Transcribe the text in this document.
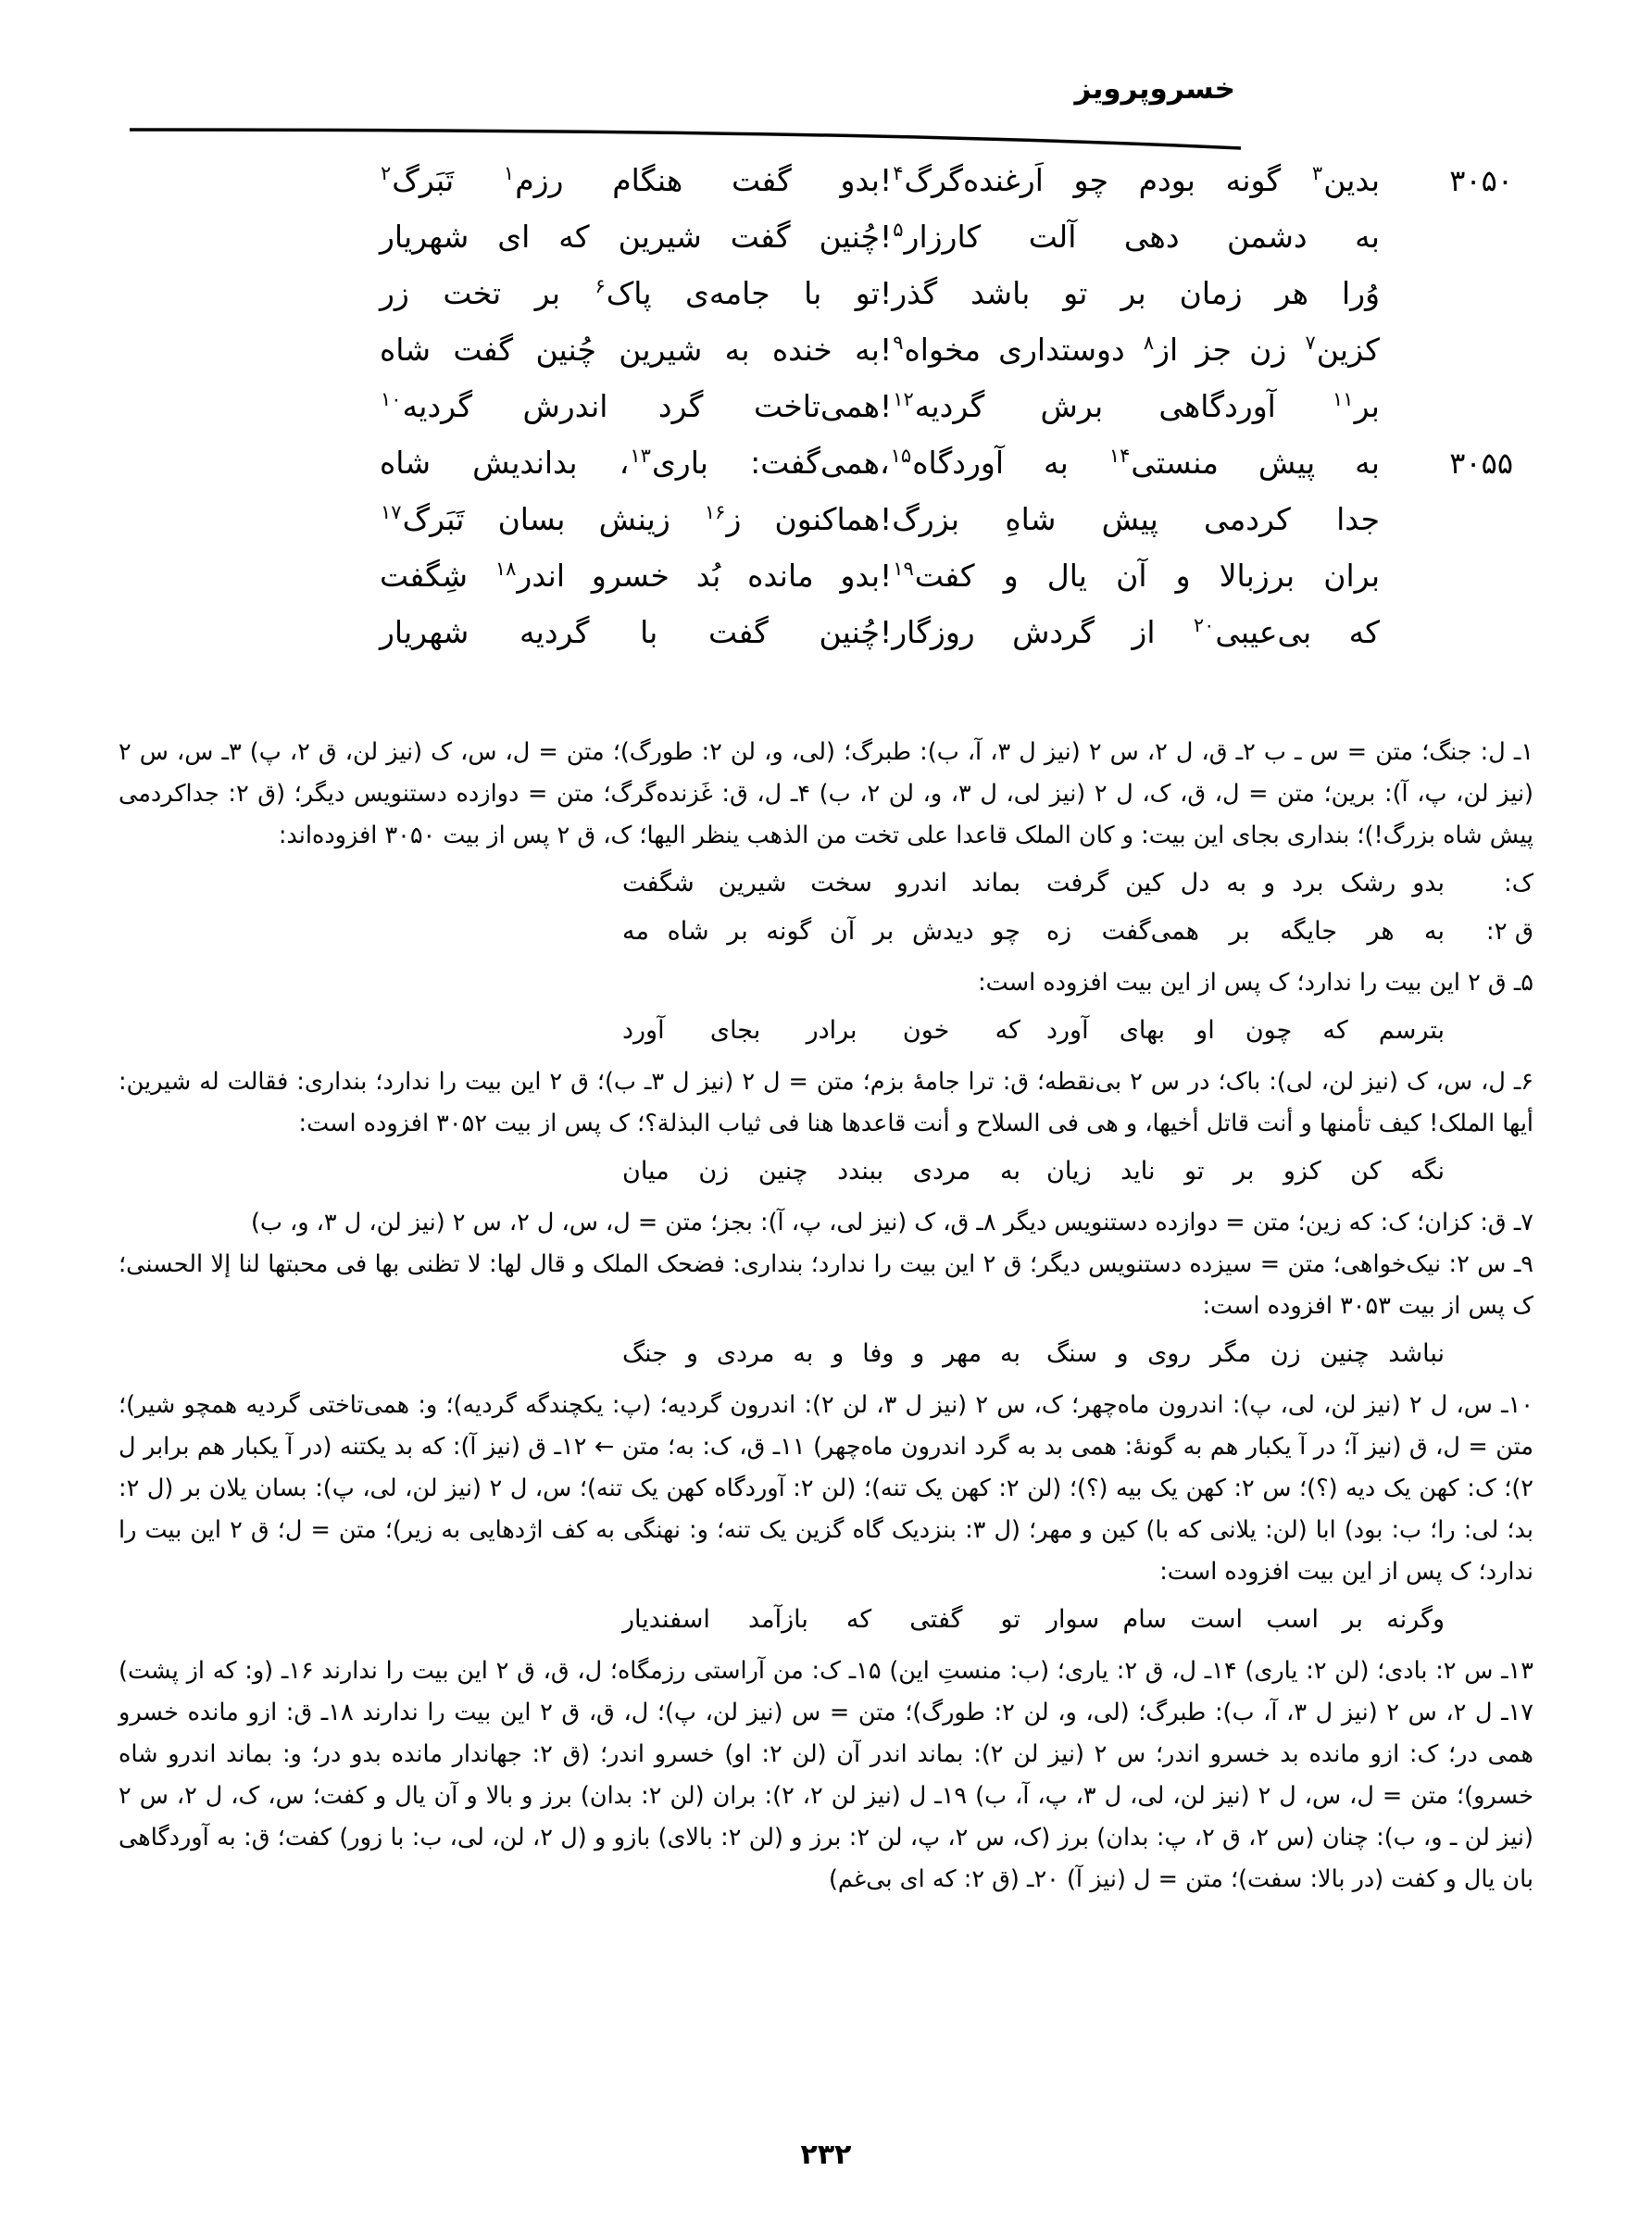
خسروپرویز
۳۰۵۰
بدین$^۳$ گونه بودم چو اَرغنده‌گرگ$^۴$!
بدو گفت هنگام رزم$^۱$ تَبَرگ$^۲$
به دشمن دهی آلت کارزار$^۵$!
چُنین گفت شیرین که ای شهریار
وُرا هر زمان بر تو باشد گذر!
تو با جامه‌ی پاک$^۶$ بر تخت زر
کزین$^۷$ زن جز از$^۸$ دوستداری مخواه$^۹$!
به خنده به شیرین چُنین گفت شاه
بر$^{۱۱}$ آوردگاهی برش گردیه$^{۱۲}$!
همی‌تاخت گرد اندرش گردیه$^{۱۰}$
۳۰۵۵
به پیش منستی$^{۱۴}$ به آوردگاه$^{۱۵}$،
همی‌گفت: باری$^{۱۳}$، بداندیش شاه
جدا کردمی پیش شاهِ بزرگ!
هماکنون ز$^{۱۶}$ زینش بسان تَبَرگ$^{۱۷}$
بران برزبالا و آن یال و کفت$^{۱۹}$!
بدو مانده بُد خسرو اندر$^{۱۸}$ شِگفت
که بی‌عیبی$^{۲۰}$ از گردش روزگار!
چُنین گفت با گردیه شهریار

۱ـ ل: جنگ؛ متن = س ـ ب ۲ـ ق، ل ۲، س ۲ (نیز ل ۳، آ، ب): طبرگ؛ (لی، و، لن ۲: طورگ)؛ متن = ل، س، ک (نیز لن، ق ۲، پ) ۳ـ س، س ۲ (نیز لن، پ، آ): برین؛ متن = ل، ق، ک، ل ۲ (نیز لی، ل ۳، و، لن ۲، ب) ۴ـ ل، ق: غَزنده‌گرگ؛ متن = دوازده دستنویس دیگر؛ (ق ۲: جداکردمی پیش شاه بزرگ!)؛ بنداری بجای این بیت: و کان الملک قاعدا علی تخت من الذهب ینظر الیها؛ ک، ق ۲ پس از بیت ۳۰۵۰ افزوده‌اند:

ک:
بدو رشک برد و به دل کین گرفت
بماند اندرو سخت شیرین شگفت
ق ۲:
به هر جایگه بر همی‌گفت زه
چو دیدش بر آن گونه بر شاه مه

۵ـ ق ۲ این بیت را ندارد؛ ک پس از این بیت افزوده است:

بترسم که چون او بهای آورد
که خون برادر بجای آورد

۶ـ ل، س، ک (نیز لن، لی): باک؛ در س ۲ بی‌نقطه؛ ق: ترا جامهٔ بزم؛ متن = ل ۲ (نیز ل ۳ـ ب)؛ ق ۲ این بیت را ندارد؛ بنداری: فقالت له شیرین: أیها الملک! کیف تأمنها و أنت قاتل أخیها، و هی فی السلاح و أنت قاعدها هنا فی ثیاب البذلة؟؛ ک پس از بیت ۳۰۵۲ افزوده است:

نگه کن کزو بر تو ناید زیان
به مردی ببندد چنین زن میان

۷ـ ق: کزان؛ ک: که زین؛ متن = دوازده دستنویس دیگر ۸ـ ق، ک (نیز لی، پ، آ): بجز؛ متن = ل، س، ل ۲، س ۲ (نیز لن، ل ۳، و، ب)

۹ـ س ۲: نیک‌خواهی؛ متن = سیزده دستنویس دیگر؛ ق ۲ این بیت را ندارد؛ بنداری: فضحک الملک و قال لها: لا تظنی بها فی محبتها لنا إلا الحسنی؛ ک پس از بیت ۳۰۵۳ افزوده است:

نباشد چنین زن مگر روی و سنگ
به مهر و وفا و به مردی و جنگ

۱۰ـ س، ل ۲ (نیز لن، لی، پ): اندرون ماه‌چهر؛ ک، س ۲ (نیز ل ۳، لن ۲): اندرون گردیه؛ (پ: یکچندگه گردیه)؛ و: همی‌تاختی گردیه همچو شیر)؛ متن = ل، ق (نیز آ؛ در آ یکبار هم به گونهٔ: همی بد به گرد اندرون ماه‌چهر) ۱۱ـ ق، ک: به؛ متن ← ۱۲ـ ق (نیز آ): که بد یکتنه (در آ یکبار هم برابر ل ۲)؛ ک: کهن یک دیه (؟)؛ س ۲: کهن یک بیه (؟)؛ (لن ۲: کهن یک تنه)؛ (لن ۲: آوردگاه کهن یک تنه)؛ س، ل ۲ (نیز لن، لی، پ): بسان یلان بر (ل ۲: بد؛ لی: را؛ ب: بود) ابا (لن: یلانی که با) کین و مهر؛ (ل ۳: بنزدیک گاه گزین یک تنه؛ و: نهنگی به کف اژدهایی به زیر)؛ متن = ل؛ ق ۲ این بیت را ندارد؛ ک پس از این بیت افزوده است:

وگرنه بر اسب است سام سوار
تو گفتی که بازآمد اسفندیار

۱۳ـ س ۲: بادی؛ (لن ۲: یاری) ۱۴ـ ل، ق ۲: یاری؛ (ب: منستِ این) ۱۵ـ ک: من آراستی رزمگاه؛ ل، ق، ق ۲ این بیت را ندارند ۱۶ـ (و: که از پشت) ۱۷ـ ل ۲، س ۲ (نیز ل ۳، آ، ب): طبرگ؛ (لی، و، لن ۲: طورگ)؛ متن = س (نیز لن، پ)؛ ل، ق، ق ۲ این بیت را ندارند ۱۸ـ ق: ازو مانده خسرو همی در؛ ک: ازو مانده بد خسرو اندر؛ س ۲ (نیز لن ۲): بماند اندر آن (لن ۲: او) خسرو اندر؛ (ق ۲: جهاندار مانده بدو در؛ و: بماند اندرو شاه خسرو)؛ متن = ل، س، ل ۲ (نیز لن، لی، ل ۳، پ، آ، ب) ۱۹ـ ل (نیز لن ۲، ۲): بران (لن ۲: بدان) برز و بالا و آن یال و کفت؛ س، ک، ل ۲، س ۲ (نیز لن ـ و، ب): چنان (س ۲، ق ۲، پ: بدان) برز (ک، س ۲، پ، لن ۲: برز و (لن ۲: بالای) بازو و (ل ۲، لن، لی، ب: با زور) کفت؛ ق: به آوردگاهی بان یال و کفت (در بالا: سفت)؛ متن = ل (نیز آ) ۲۰ـ (ق ۲: که ای بی‌غم)

۲۳۲
